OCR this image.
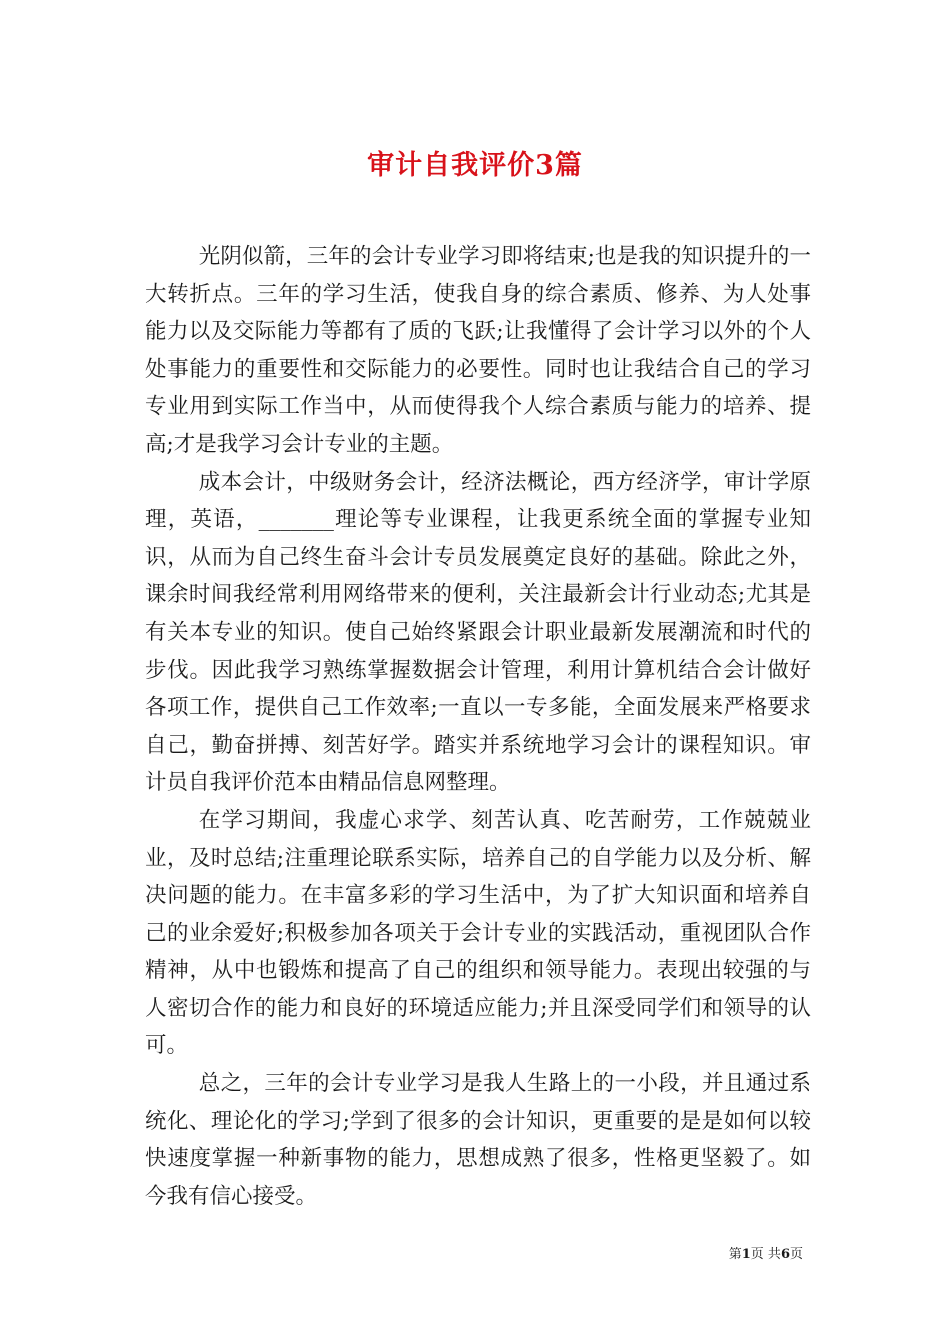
审计自我评价3篇

光阴似箭，三年的会计专业学习即将结束;也是我的知识提升的一大转折点。三年的学习生活，使我自身的综合素质、修养、为人处事能力以及交际能力等都有了质的飞跃;让我懂得了会计学习以外的个人处事能力的重要性和交际能力的必要性。同时也让我结合自己的学习专业用到实际工作当中，从而使得我个人综合素质与能力的培养、提高;才是我学习会计专业的主题。

成本会计，中级财务会计，经济法概论，西方经济学，审计学原理，英语，_______理论等专业课程，让我更系统全面的掌握专业知识，从而为自己终生奋斗会计专员发展奠定良好的基础。除此之外，课余时间我经常利用网络带来的便利，关注最新会计行业动态;尤其是有关本专业的知识。使自己始终紧跟会计职业最新发展潮流和时代的步伐。因此我学习熟练掌握数据会计管理，利用计算机结合会计做好各项工作，提供自己工作效率;一直以一专多能，全面发展来严格要求自己，勤奋拼搏、刻苦好学。踏实并系统地学习会计的课程知识。审计员自我评价范本由精品信息网整理。

在学习期间，我虚心求学、刻苦认真、吃苦耐劳，工作兢兢业业，及时总结;注重理论联系实际，培养自己的自学能力以及分析、解决问题的能力。在丰富多彩的学习生活中，为了扩大知识面和培养自己的业余爱好;积极参加各项关于会计专业的实践活动，重视团队合作精神，从中也锻炼和提高了自己的组织和领导能力。表现出较强的与人密切合作的能力和良好的环境适应能力;并且深受同学们和领导的认可。

总之，三年的会计专业学习是我人生路上的一小段，并且通过系统化、理论化的学习;学到了很多的会计知识，更重要的是是如何以较快速度掌握一种新事物的能力，思想成熟了很多，性格更坚毅了。如今我有信心接受。

第1页 共6页
